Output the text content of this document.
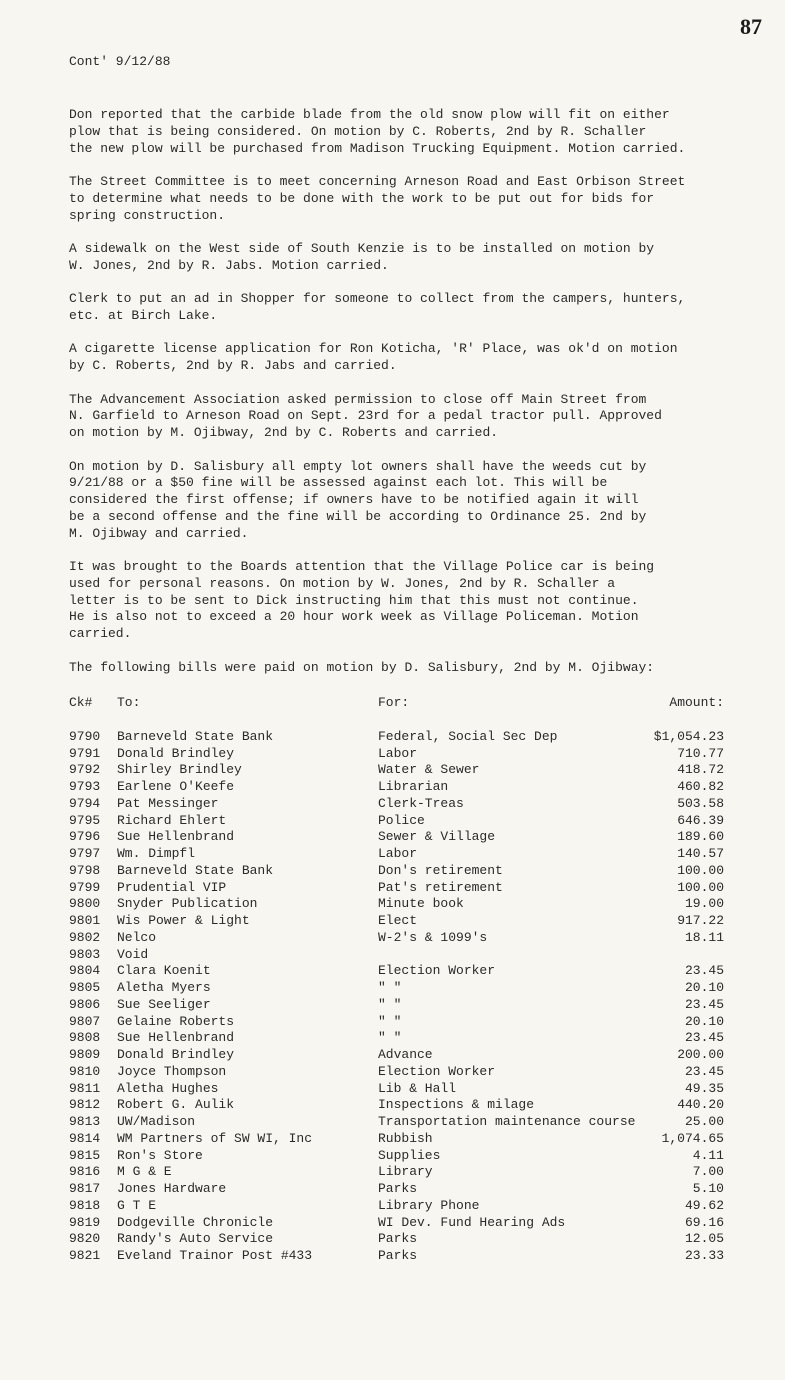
87
Cont' 9/12/88

Don reported that the carbide blade from the old snow plow will fit on either
plow that is being considered. On motion by C. Roberts, 2nd by R. Schaller
the new plow will be purchased from Madison Trucking Equipment. Motion carried.

The Street Committee is to meet concerning Arneson Road and East Orbison Street
to determine what needs to be done with the work to be put out for bids for
spring construction.

A sidewalk on the West side of South Kenzie is to be installed on motion by
W. Jones, 2nd by R. Jabs. Motion carried.

Clerk to put an ad in Shopper for someone to collect from the campers, hunters,
etc. at Birch Lake.

A cigarette license application for Ron Koticha, 'R' Place, was ok'd on motion
by C. Roberts, 2nd by R. Jabs and carried.

The Advancement Association asked permission to close off Main Street from
N. Garfield to Arneson Road on Sept. 23rd for a pedal tractor pull. Approved
on motion by M. Ojibway, 2nd by C. Roberts and carried.

On motion by D. Salisbury all empty lot owners shall have the weeds cut by
9/21/88 or a $50 fine will be assessed against each lot. This will be
considered the first offense; if owners have to be notified again it will
be a second offense and the fine will be according to Ordinance 25. 2nd by
M. Ojibway and carried.

It was brought to the Boards attention that the Village Police car is being
used for personal reasons. On motion by W. Jones, 2nd by R. Schaller a
letter is to be sent to Dick instructing him that this must not continue.
He is also not to exceed a 20 hour work week as Village Policeman. Motion
carried.

The following bills were paid on motion by D. Salisbury, 2nd by M. Ojibway:

Ck#	To:	For:	Amount:
9790	Barneveld State Bank	Federal, Social Sec Dep	$1,054.23
9791	Donald Brindley	Labor	710.77
9792	Shirley Brindley	Water & Sewer	418.72
9793	Earlene O'Keefe	Librarian	460.82
9794	Pat Messinger	Clerk-Treas	503.58
9795	Richard Ehlert	Police	646.39
9796	Sue Hellenbrand	Sewer & Village	189.60
9797	Wm. Dimpfl	Labor	140.57
9798	Barneveld State Bank	Don's retirement	100.00
9799	Prudential VIP	Pat's retirement	100.00
9800	Snyder Publication	Minute book	19.00
9801	Wis Power & Light	Elect	917.22
9802	Nelco	W-2's & 1099's	18.11
9803	Void
9804	Clara Koenit	Election Worker	23.45
9805	Aletha Myers	" "	20.10
9806	Sue Seeliger	" "	23.45
9807	Gelaine Roberts	" "	20.10
9808	Sue Hellenbrand	" "	23.45
9809	Donald Brindley	Advance	200.00
9810	Joyce Thompson	Election Worker	23.45
9811	Aletha Hughes	Lib & Hall	49.35
9812	Robert G. Aulik	Inspections & milage	440.20
9813	UW/Madison	Transportation maintenance course	25.00
9814	WM Partners of SW WI, Inc	Rubbish	1,074.65
9815	Ron's Store	Supplies	4.11
9816	M G & E	Library	7.00
9817	Jones Hardware	Parks	5.10
9818	G T E	Library Phone	49.62
9819	Dodgeville Chronicle	WI Dev. Fund Hearing Ads	69.16
9820	Randy's Auto Service	Parks	12.05
9821	Eveland Trainor Post #433	Parks	23.33
